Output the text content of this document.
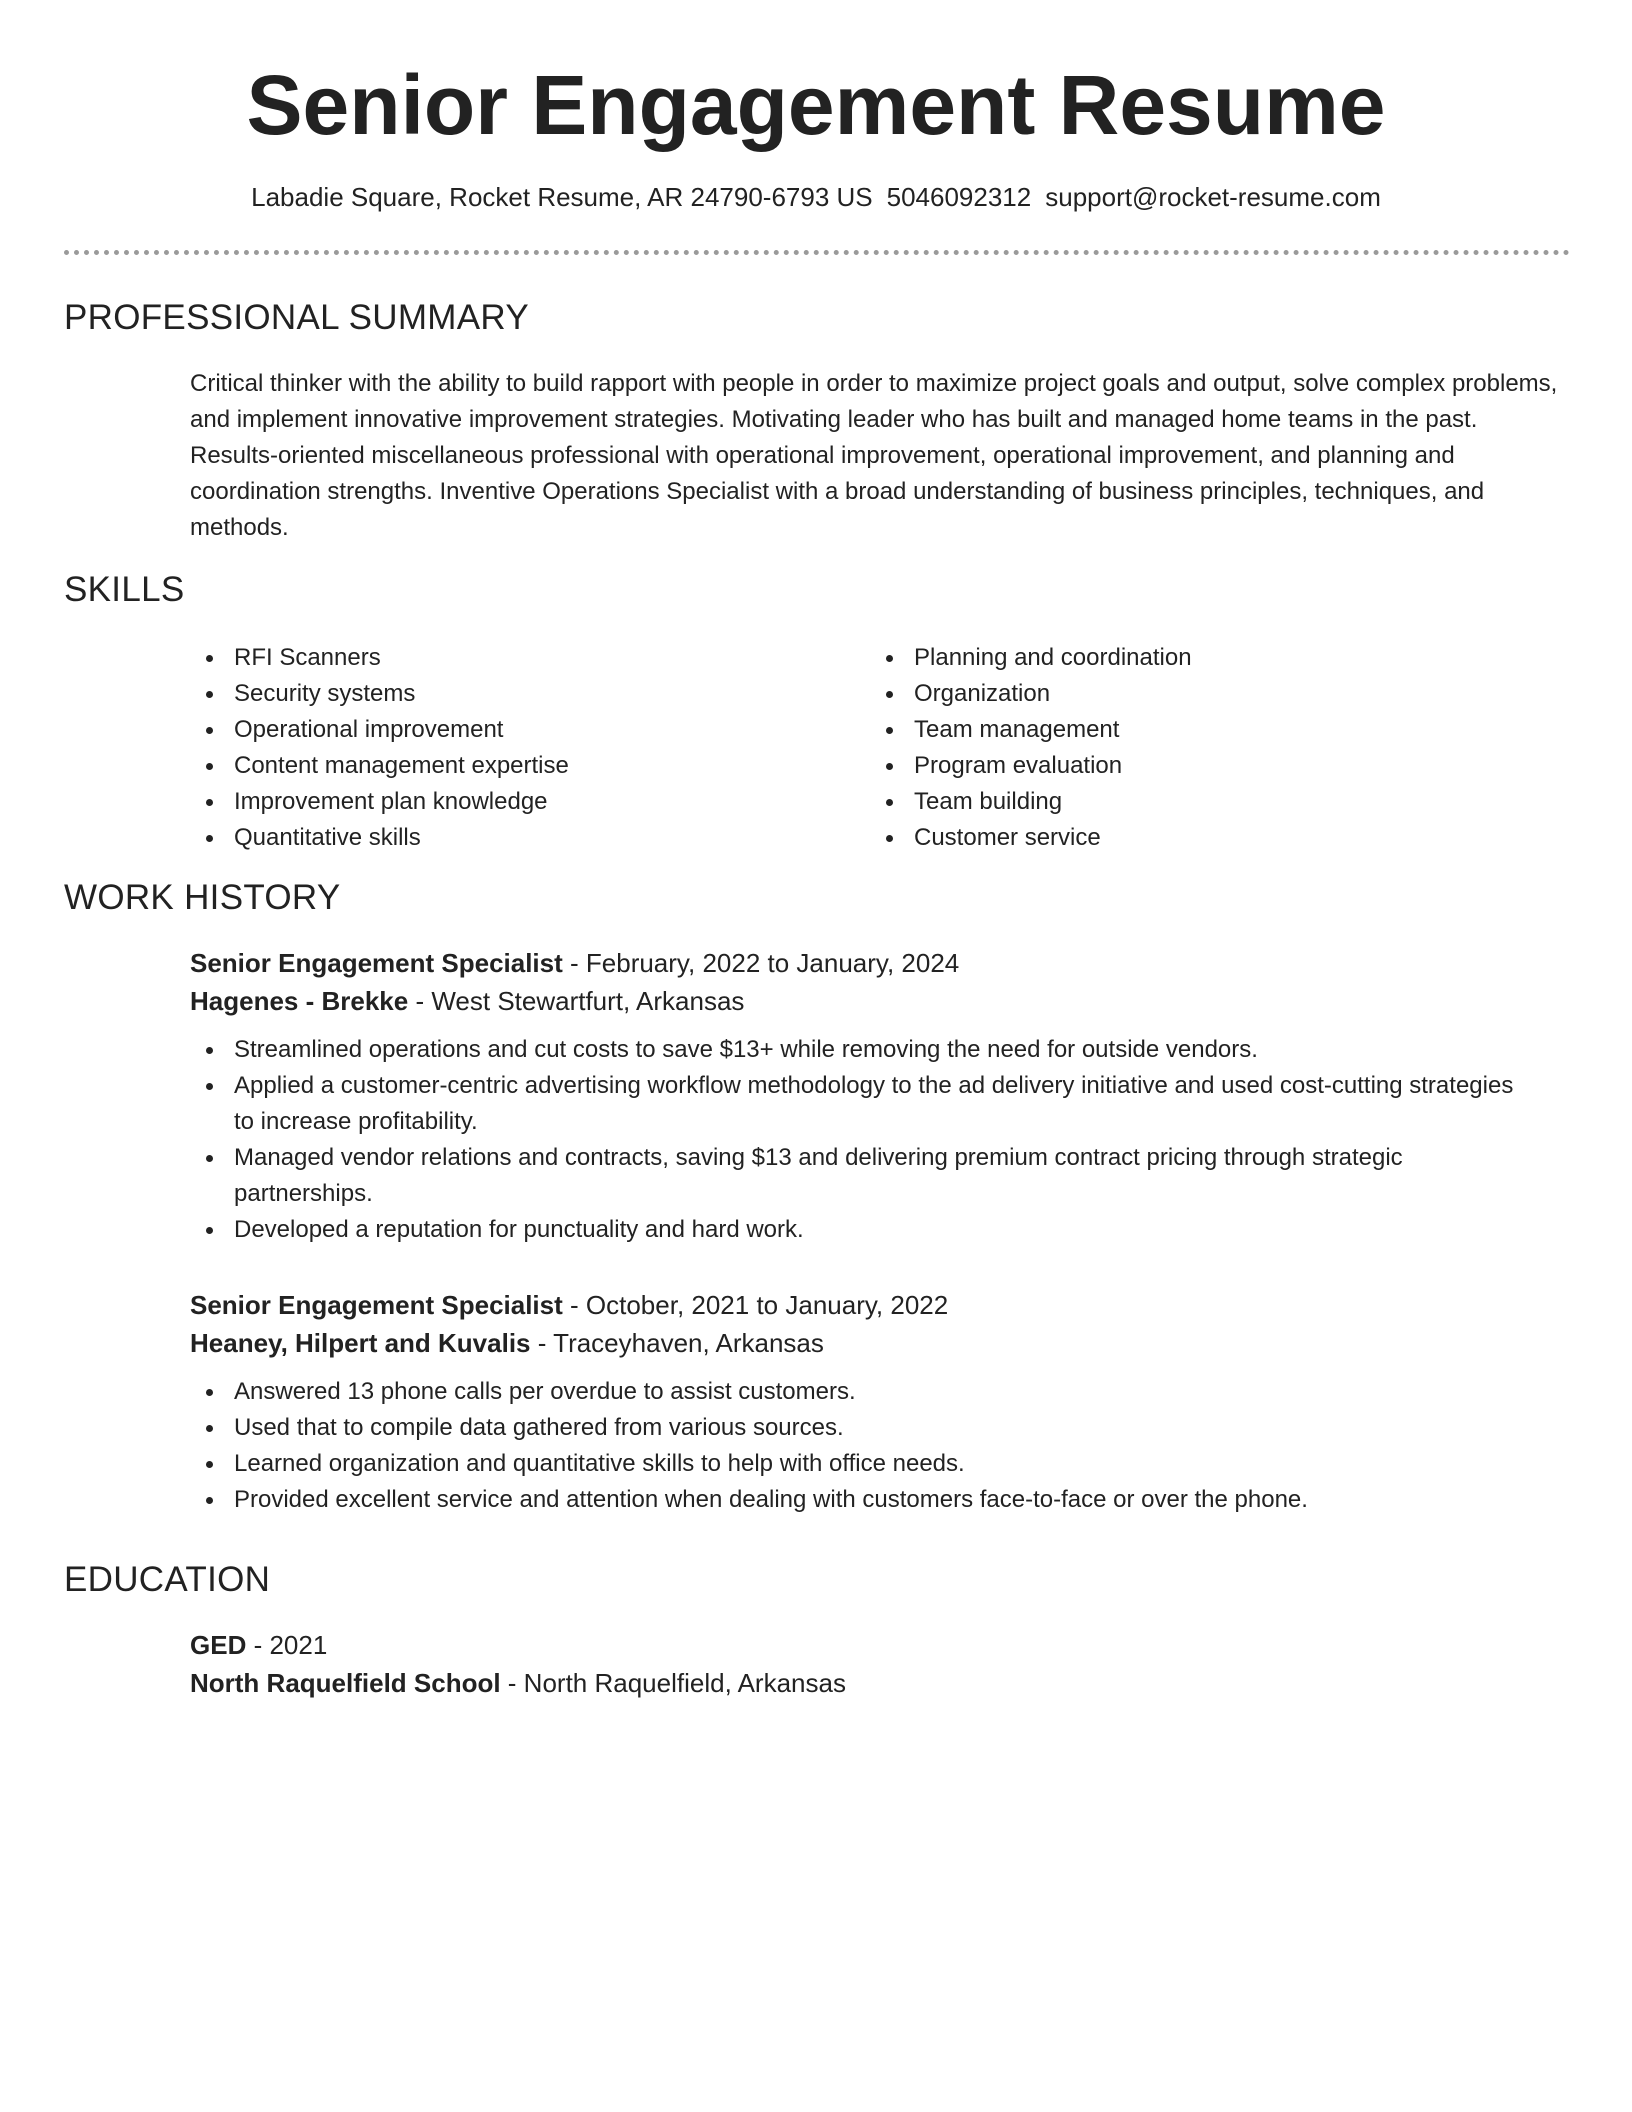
Senior Engagement Resume
Labadie Square, Rocket Resume, AR 24790-6793 US 5046092312 support@rocket-resume.com
PROFESSIONAL SUMMARY

Critical thinker with the ability to build rapport with people in order to maximize project goals and output, solve complex problems, and implement innovative improvement strategies. Motivating leader who has built and managed home teams in the past. Results-oriented miscellaneous professional with operational improvement, operational improvement, and planning and coordination strengths. Inventive Operations Specialist with a broad understanding of business principles, techniques, and methods.

SKILLS
RFI Scanners
Security systems
Operational improvement
Content management expertise
Improvement plan knowledge
Quantitative skills
Planning and coordination
Organization
Team management
Program evaluation
Team building
Customer service
WORK HISTORY

Senior Engagement Specialist - February, 2022 to January, 2024

Hagenes - Brekke - West Stewartfurt, Arkansas

Streamlined operations and cut costs to save $13+ while removing the need for outside vendors.
Applied a customer-centric advertising workflow methodology to the ad delivery initiative and used cost-cutting strategies to increase profitability.
Managed vendor relations and contracts, saving $13 and delivering premium contract pricing through strategic partnerships.
Developed a reputation for punctuality and hard work.

Senior Engagement Specialist - October, 2021 to January, 2022

Heaney, Hilpert and Kuvalis - Traceyhaven, Arkansas

Answered 13 phone calls per overdue to assist customers.
Used that to compile data gathered from various sources.
Learned organization and quantitative skills to help with office needs.
Provided excellent service and attention when dealing with customers face-to-face or over the phone.
EDUCATION

GED - 2021

North Raquelfield School - North Raquelfield, Arkansas
